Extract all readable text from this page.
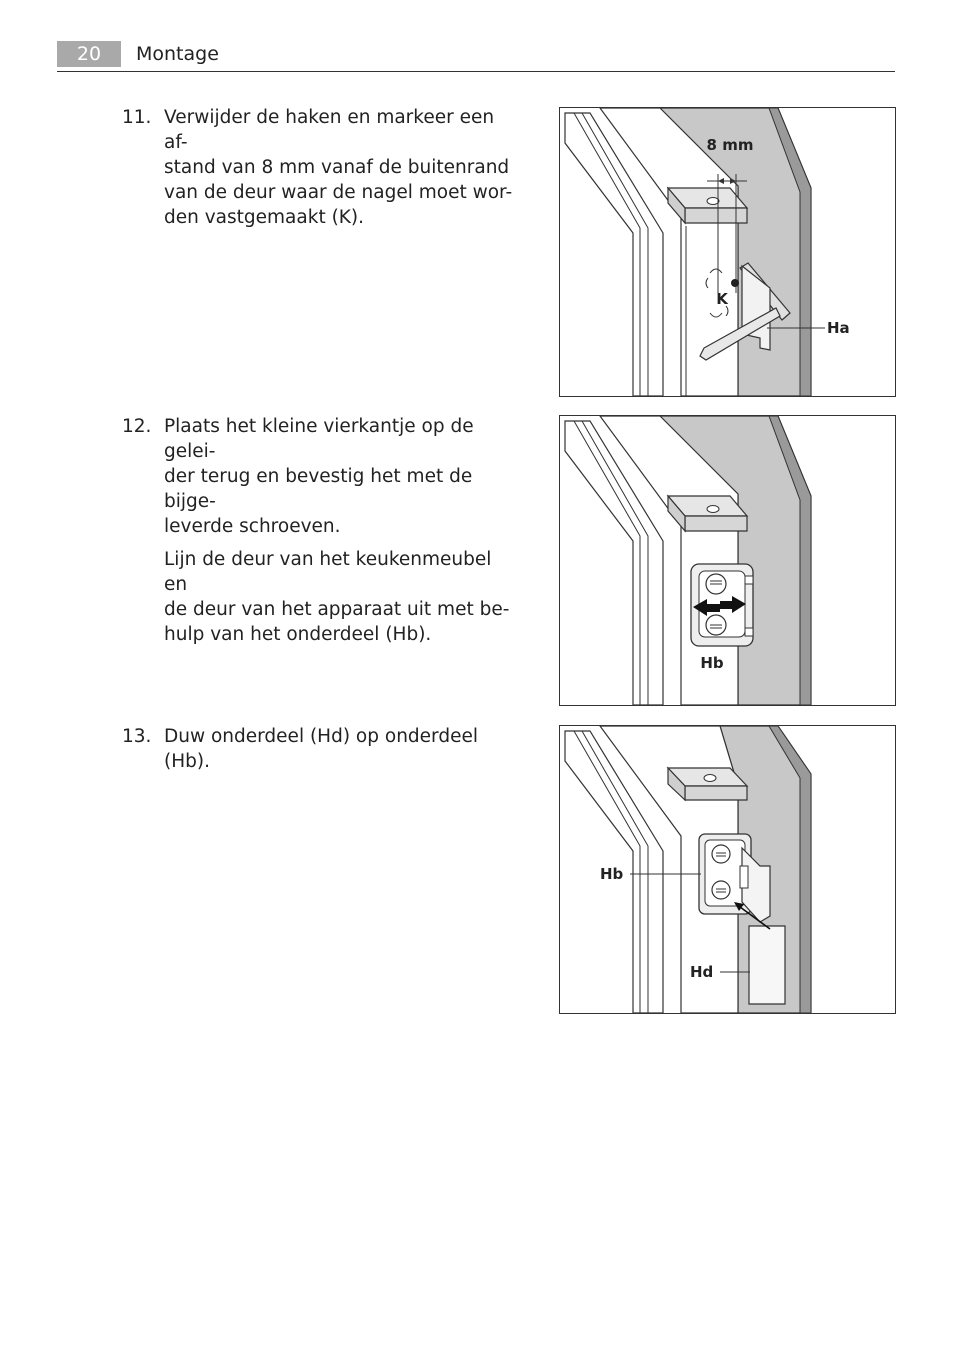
20	Montage
11. Verwijder de haken en markeer een af-
stand van 8 mm vanaf de buitenrand
van de deur waar de nagel moet wor-
den vastgemaakt (K).

12. Plaats het kleine vierkantje op de gelei-
der terug en bevestig het met de bijge-
leverde schroeven.

Lijn de deur van het keukenmeubel en
de deur van het apparaat uit met be-
hulp van het onderdeel (Hb).

13. Duw onderdeel (Hd) op onderdeel (Hb).

8 mm
K
Ha
Hb
Hb
Hd
